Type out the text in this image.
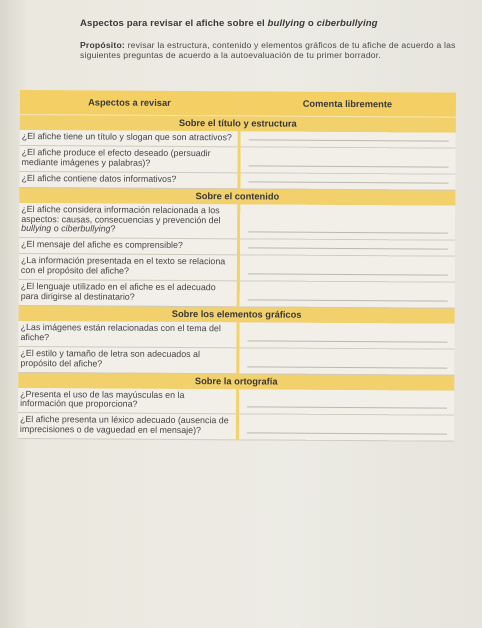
Aspectos para revisar el afiche sobre el bullying o ciberbullying

Propósito: revisar la estructura, contenido y elementos gráficos de tu afiche de acuerdo a las siguientes preguntas de acuerdo a la autoevaluación de tu primer borrador.

Aspectos a revisar	Comenta libremente
Sobre el título y estructura	
¿El afiche tiene un título y slogan que son atractivos?	
¿El afiche produce el efecto deseado (persuadir mediante imágenes y palabras)?	
¿El afiche contiene datos informativos?	
Sobre el contenido	
¿El afiche considera información relacionada a los aspectos: causas, consecuencias y prevención del bullying o ciberbullying?	
¿El mensaje del afiche es comprensible?	
¿La información presentada en el texto se relaciona con el propósito del afiche?	
¿El lenguaje utilizado en el afiche es el adecuado para dirigirse al destinatario?	
Sobre los elementos gráficos	
¿Las imágenes están relacionadas con el tema del afiche?	
¿El estilo y tamaño de letra son adecuados al propósito del afiche?	
Sobre la ortografía	
¿Presenta el uso de las mayúsculas en la información que proporciona?	
¿El afiche presenta un léxico adecuado (ausencia de imprecisiones o de vaguedad en el mensaje)?	
